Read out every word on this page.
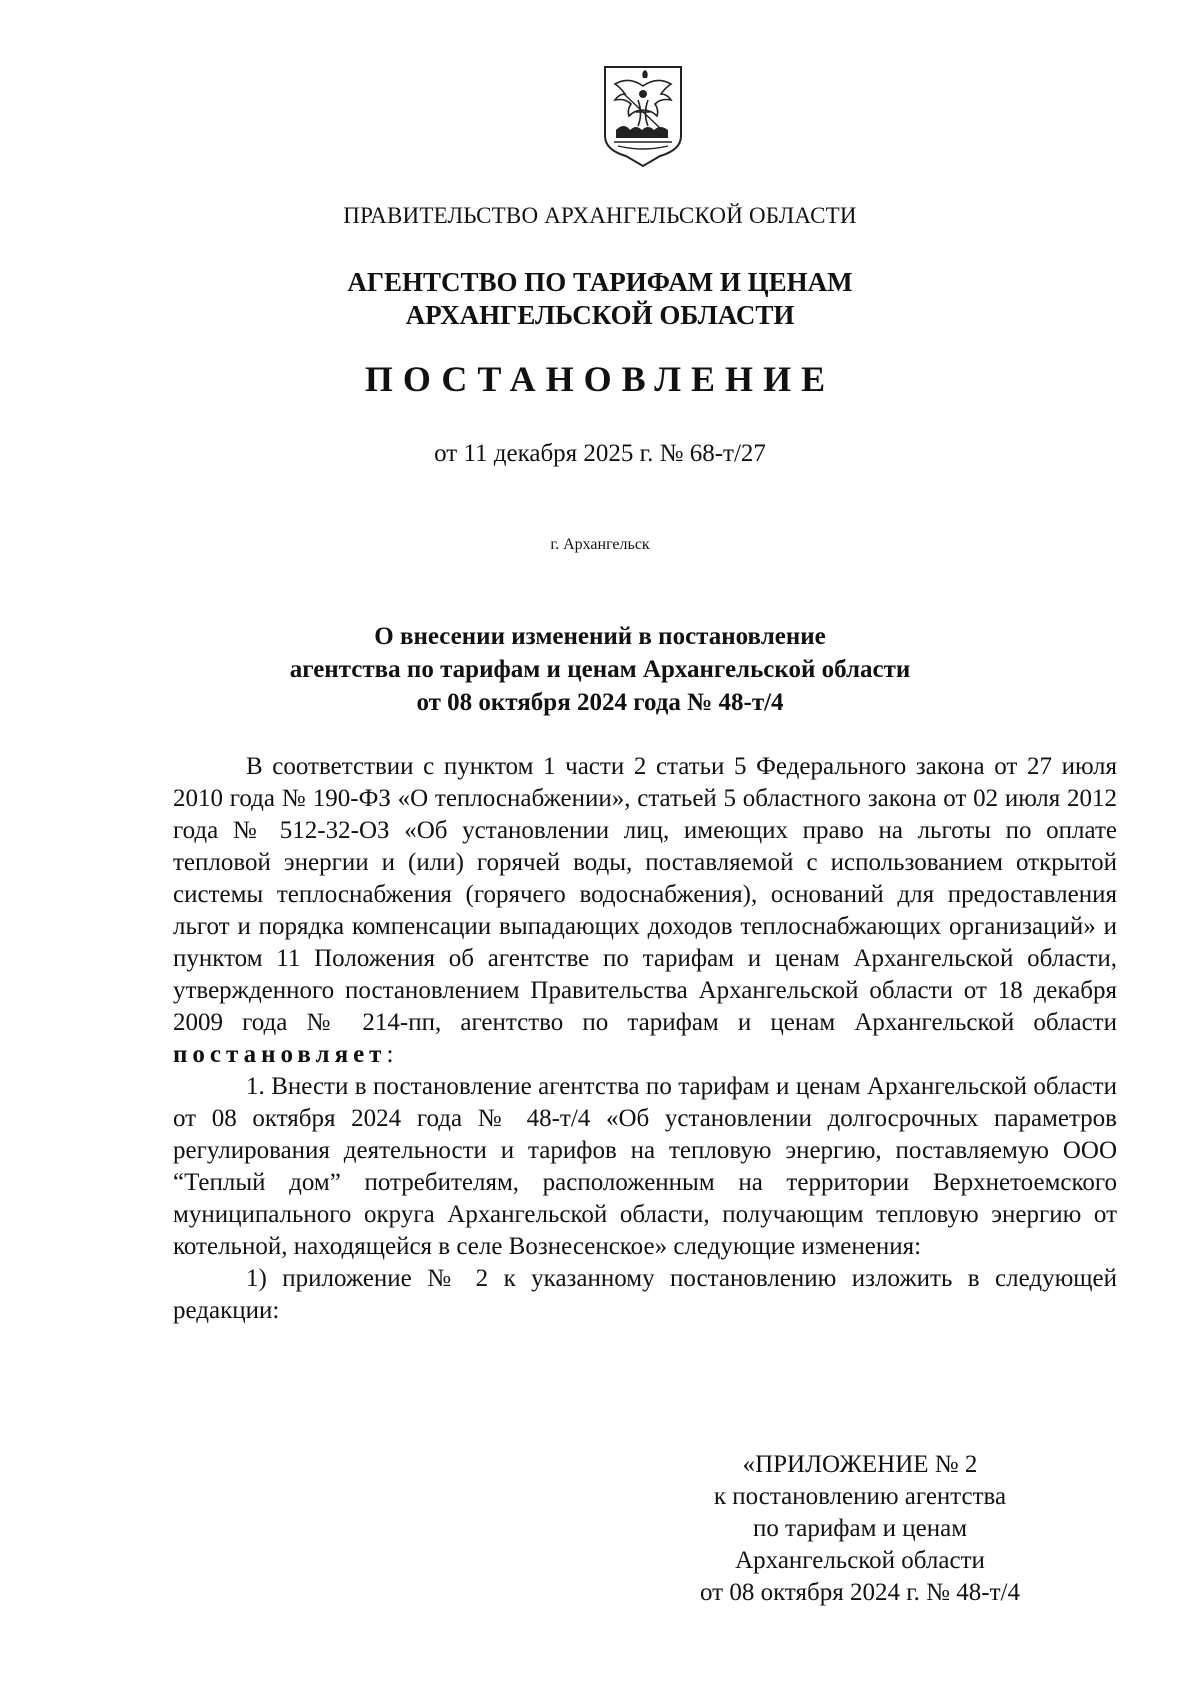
ПРАВИТЕЛЬСТВО АРХАНГЕЛЬСКОЙ ОБЛАСТИ
АГЕНТСТВО ПО ТАРИФАМ И ЦЕНАМ
АРХАНГЕЛЬСКОЙ ОБЛАСТИ
ПОСТАНОВЛЕНИЕ
от 11 декабря 2025 г. № 68-т/27
г. Архангельск
О внесении изменений в постановление
агентства по тарифам и ценам Архангельской области
от 08 октября 2024 года № 48-т/4

В соответствии с пунктом 1 части 2 статьи 5 Федерального закона от 27 июля 2010 года № 190-ФЗ «О теплоснабжении», статьей 5 областного закона от 02 июля 2012 года № 512-32-ОЗ «Об установлении лиц, имеющих право на льготы по оплате тепловой энергии и (или) горячей воды, поставляемой с использованием открытой системы теплоснабжения (горячего водоснабжения), оснований для предоставления льгот и порядка компенсации выпадающих доходов теплоснабжающих организаций» и пунктом 11 Положения об агентстве по тарифам и ценам Архангельской области, утвержденного постановлением Правительства Архангельской области от 18 декабря 2009 года № 214-пп, агентство по тарифам и ценам Архангельской области постановляет:

1. Внести в постановление агентства по тарифам и ценам Архангельской области от 08 октября 2024 года № 48-т/4 «Об установлении долгосрочных параметров регулирования деятельности и тарифов на тепловую энергию, поставляемую ООО “Теплый дом” потребителям, расположенным на территории Верхнетоемского муниципального округа Архангельской области, получающим тепловую энергию от котельной, находящейся в селе Вознесенское» следующие изменения:

1) приложение № 2 к указанному постановлению изложить в следующей редакции:

«ПРИЛОЖЕНИЕ № 2
к постановлению агентства
по тарифам и ценам
Архангельской области
от 08 октября 2024 г. № 48-т/4
